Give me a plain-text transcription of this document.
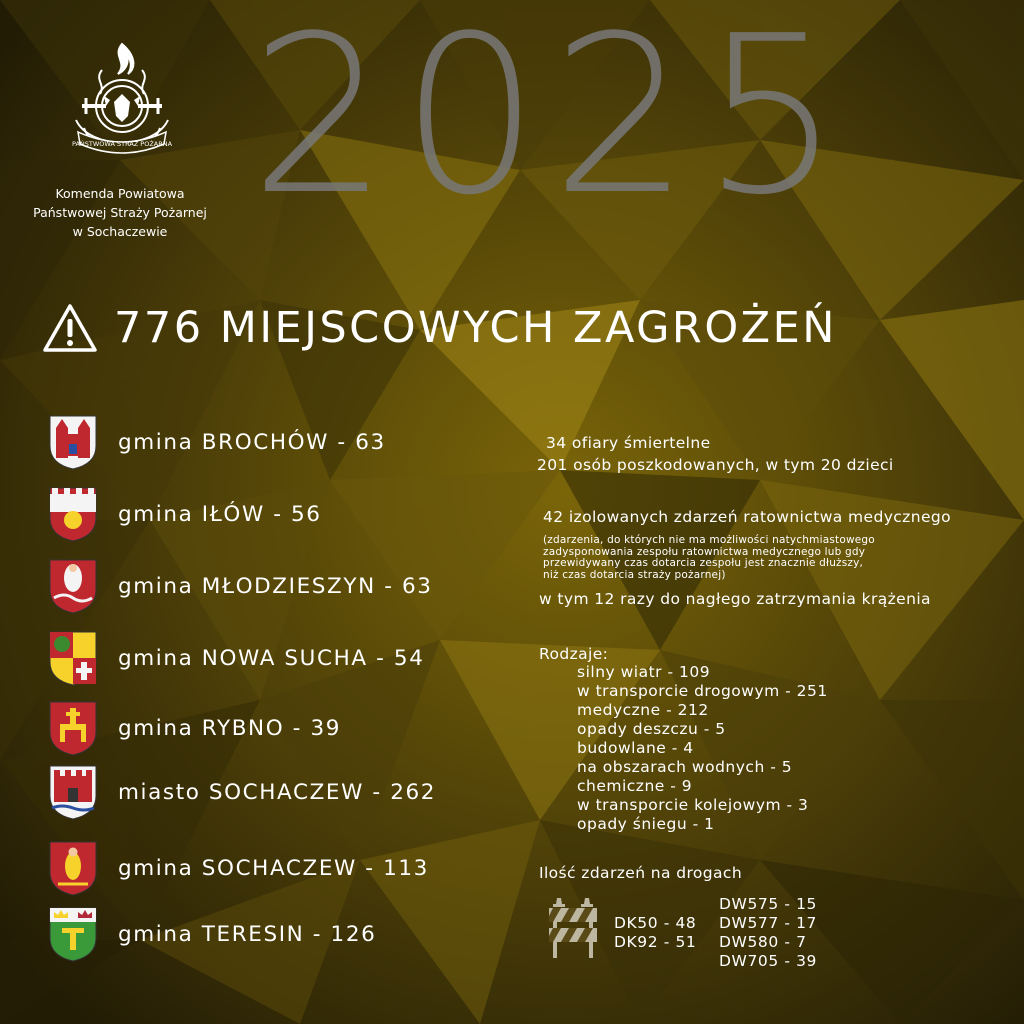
2025
PAŃSTWOWA STRAŻ POŻARNA
Komenda Powiatowa
Państwowej Straży Pożarnej
w Sochaczewie
776 MIEJSCOWYCH ZAGROŻEŃ
gmina BROCHÓW - 63
gmina IŁÓW - 56
gmina MŁODZIESZYN - 63
gmina NOWA SUCHA - 54
gmina RYBNO - 39
miasto SOCHACZEW - 262
gmina SOCHACZEW - 113
gmina TERESIN - 126
34 ofiary śmiertelne
201 osób poszkodowanych, w tym 20 dzieci
42 izolowanych zdarzeń ratownictwa medycznego
(zdarzenia, do których nie ma możliwości natychmiastowego
zadysponowania zespołu ratownictwa medycznego lub gdy
przewidywany czas dotarcia zespołu jest znacznie dłuższy,
niż czas dotarcia straży pożarnej)
w tym 12 razy do nagłego zatrzymania krążenia
Rodzaje:
silny wiatr - 109
w transporcie drogowym - 251
medyczne - 212
opady deszczu - 5
budowlane - 4
na obszarach wodnych - 5
chemiczne - 9
w transporcie kolejowym - 3
opady śniegu - 1
Ilość zdarzeń na drogach
DK50 - 48
DK92 - 51
DW575 - 15
DW577 - 17
DW580 - 7
DW705 - 39
